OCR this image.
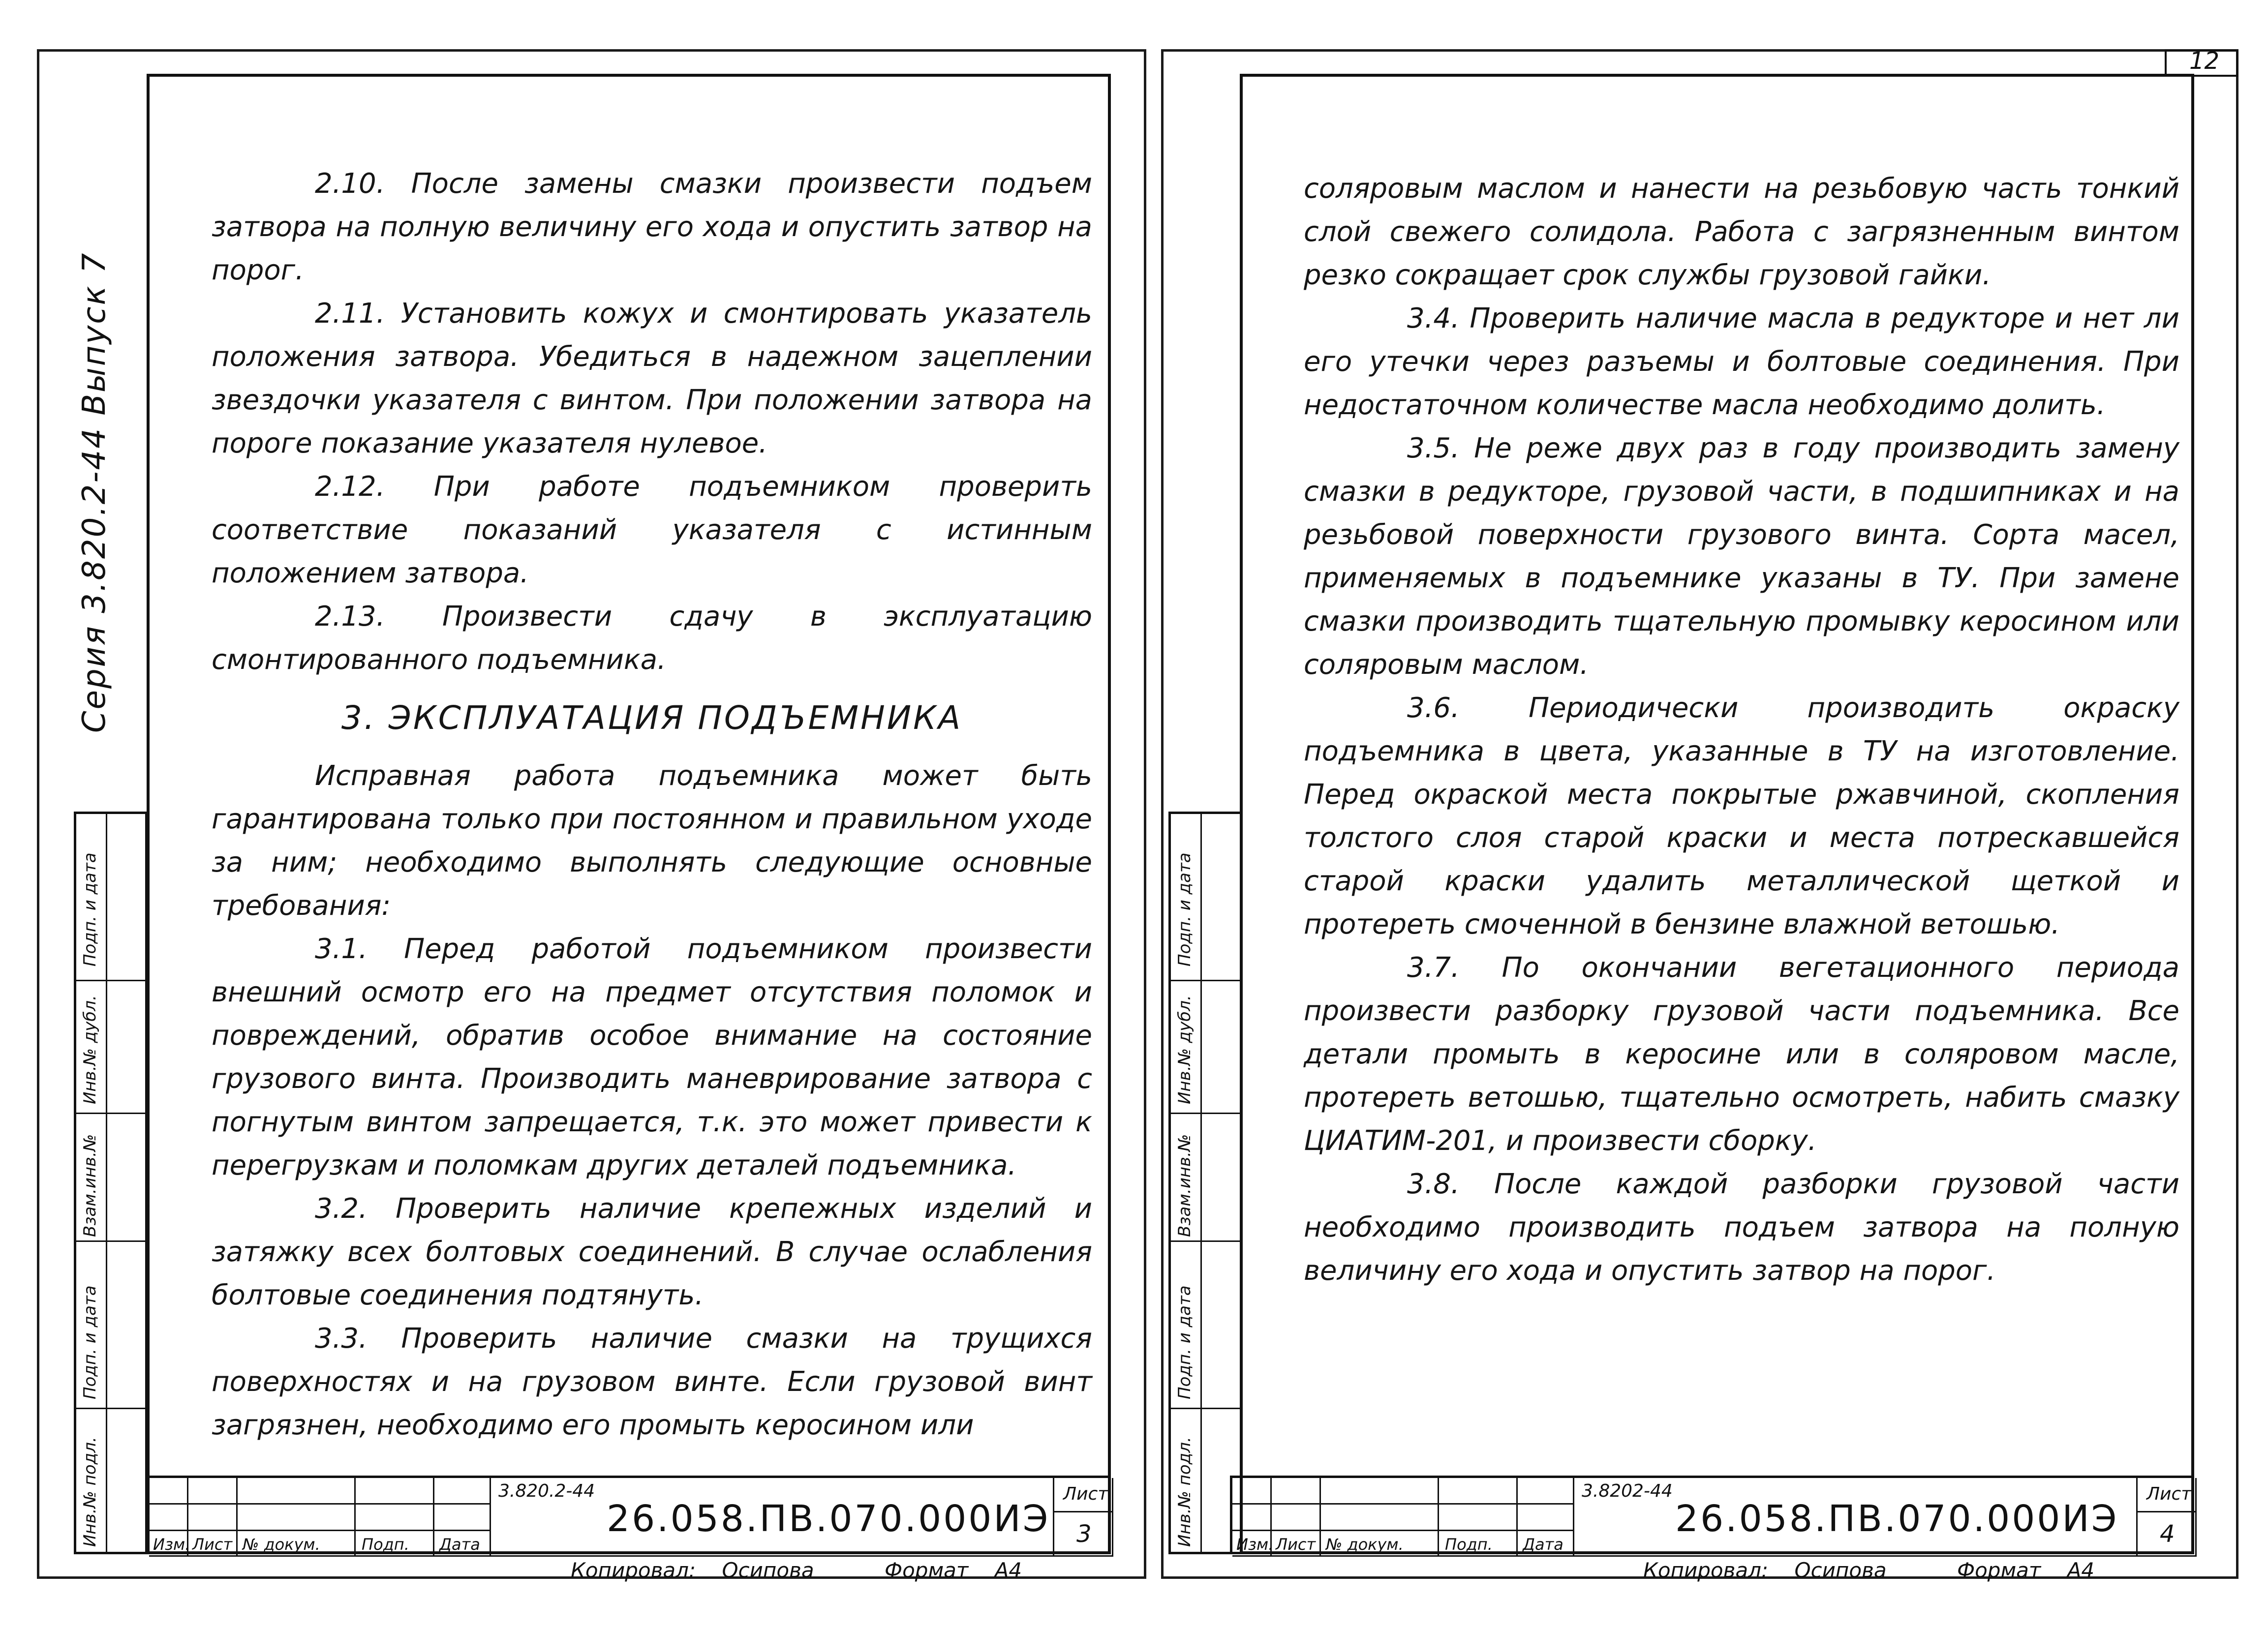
Серия 3.820.2-44 Выпуск 7
Подп. и дата
Инв.№ дубл.
Взам.инв.№
Подп. и дата
Инв.№ подл.

2.10. После замены смазки произвести подъем затвора на полную величину его хода и опустить затвор на порог.

2.11. Установить кожух и смонтировать указатель положения затвора. Убедиться в надежном зацеплении звездочки указателя с винтом. При положении затвора на пороге показание указателя нулевое.

2.12. При работе подъемником проверить соответствие показаний указателя с истинным положением затвора.

2.13. Произвести сдачу в эксплуатацию смонтированного подъемника.

3. ЭКСПЛУАТАЦИЯ ПОДЪЕМНИКА

Исправная работа подъемника может быть гарантирована только при постоянном и правильном уходе за ним; необходимо выполнять следующие основные требования:

3.1. Перед работой подъемником произвести внешний осмотр его на предмет отсутствия поломок и повреждений, обратив особое внимание на состояние грузового винта. Производить маневрирование затвора с погнутым винтом запрещается, т.к. это может привести к перегрузкам и поломкам других деталей подъемника.

3.2. Проверить наличие крепежных изделий и затяжку всех болтовых соединений. В случае ослабления болтовые соединения подтянуть.

3.3. Проверить наличие смазки на трущихся поверхностях и на грузовом винте. Если грузовой винт загрязнен, необходимо его промыть керосином или

Изм. Лист № докум.	Подп. Дата
3.820.2-44
26.058.ПВ.070.000ИЭ
Лист
3
Копировал: Осипова	Формат А4
12
Подп. и дата
Инв.№ дубл.
Взам.инв.№
Подп. и дата
Инв.№ подл.

соляровым маслом и нанести на резьбовую часть тонкий слой свежего солидола. Работа с загрязненным винтом резко сокращает срок службы грузовой гайки.

3.4. Проверить наличие масла в редукторе и нет ли его утечки через разъемы и болтовые соединения. При недостаточном количестве масла необходимо долить.

3.5. Не реже двух раз в году производить замену смазки в редукторе, грузовой части, в подшипниках и на резьбовой поверхности грузового винта. Сорта масел, применяемых в подъемнике указаны в ТУ. При замене смазки производить тщательную промывку керосином или соляровым маслом.

3.6. Периодически производить окраску подъемника в цвета, указанные в ТУ на изготовление. Перед окраской места покрытые ржавчиной, скопления толстого слоя старой краски и места потрескавшейся старой краски удалить металлической щеткой и протереть смоченной в бензине влажной ветошью.

3.7. По окончании вегетационного периода произвести разборку грузовой части подъемника. Все детали промыть в керосине или в соляровом масле, протереть ветошью, тщательно осмотреть, набить смазку ЦИАТИМ-201, и произвести сборку.

3.8. После каждой разборки грузовой части необходимо производить подъем затвора на полную величину его хода и опустить затвор на порог.

Изм. Лист № докум.	Подп. Дата
3.8202-44
26.058.ПВ.070.000ИЭ
Лист
4
Копировал: Осипова	Формат А4
